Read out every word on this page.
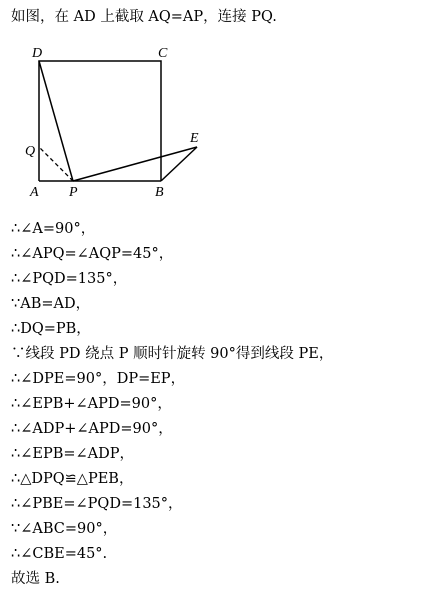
如图，在 AD 上截取 AQ=AP，连接 PQ.
D	C
Q
E
A P	B
∴∠A=90°，
∴∠APQ=∠AQP=45°，
∴∠PQD=135°，
∵AB=AD，
∴DQ=PB，
∵线段 PD 绕点 P 顺时针旋转 90°得到线段 PE，
∴∠DPE=90°，DP=EP，
∴∠EPB+∠APD=90°，
∴∠ADP+∠APD=90°，
∴∠EPB=∠ADP，
∴△DPQ≌△PEB，
∴∠PBE=∠PQD=135°，
∵∠ABC=90°，
∴∠CBE=45°.
故选 B.
